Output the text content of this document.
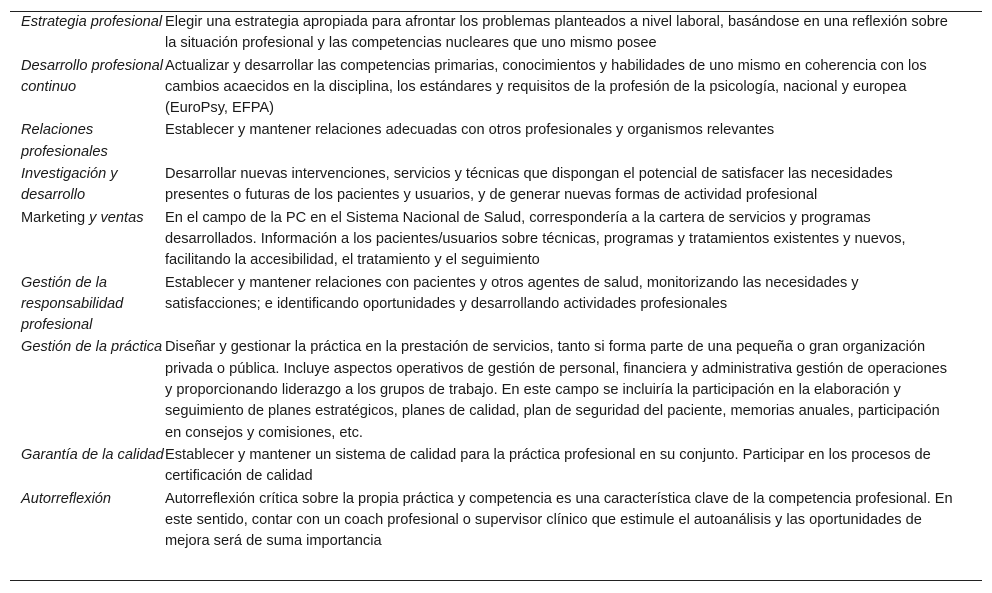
Estrategia profesional Elegir una estrategia apropiada para afrontar los problemas planteados a nivel laboral, basándose en una reflexión sobre la situación profesional y las competencias nucleares que uno mismo posee
Desarrollo profesional continuo
Actualizar y desarrollar las competencias primarias, conocimientos y habilidades de uno mismo en coherencia con los cambios acaecidos en la disciplina, los estándares y requisitos de la profesión de la psicología, nacional y europea (EuroPsy, EFPA)
Relaciones profesionales
Establecer y mantener relaciones adecuadas con otros profesionales y organismos relevantes
Investigación y desarrollo
Desarrollar nuevas intervenciones, servicios y técnicas que dispongan el potencial de satisfacer las necesidades presentes o futuras de los pacientes y usuarios, y de generar nuevas formas de actividad profesional
Marketing y ventas	En el campo de la PC en el Sistema Nacional de Salud, correspondería a la cartera de servicios y programas desarrollados. Información a los pacientes/usuarios sobre técnicas, programas y tratamientos existentes y nuevos, facilitando la accesibilidad, el tratamiento y el seguimiento
Gestión de la responsabilidad profesional
Establecer y mantener relaciones con pacientes y otros agentes de salud, monitorizando las necesidades y satisfacciones; e identificando oportunidades y desarrollando actividades profesionales
Gestión de la práctica Diseñar y gestionar la práctica en la prestación de servicios, tanto si forma parte de una pequeña o gran organización privada o pública. Incluye aspectos operativos de gestión de personal, financiera y administrativa gestión de operaciones y proporcionando liderazgo a los grupos de trabajo. En este campo se incluiría la participación en la elaboración y seguimiento de planes estratégicos, planes de calidad, plan de seguridad del paciente, memorias anuales, participación en consejos y comisiones, etc.
Garantía de la calidad Establecer y mantener un sistema de calidad para la práctica profesional en su conjunto. Participar en los procesos de certificación de calidad
Autorreflexión	Autorreflexión crítica sobre la propia práctica y competencia es una característica clave de la competencia profesional. En este sentido, contar con un coach profesional o supervisor clínico que estimule el autoanálisis y las oportunidades de mejora será de suma importancia
